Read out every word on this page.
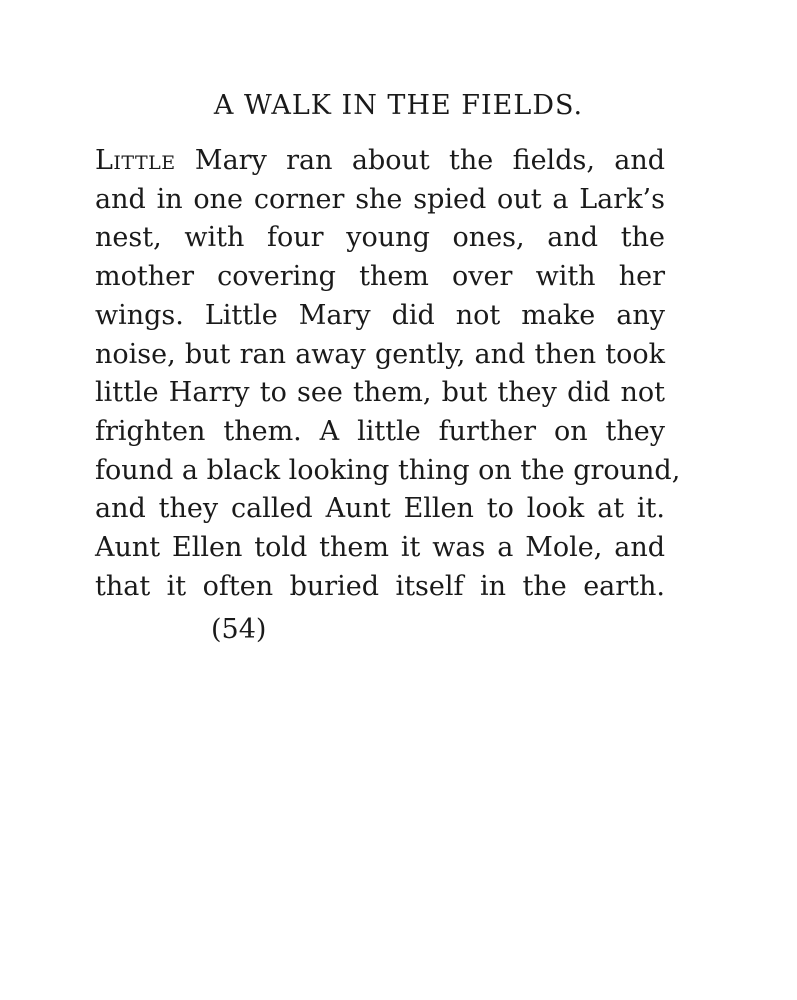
A WALK IN THE FIELDS.
Little Mary ran about the fields, and
and in one corner she spied out a Lark’s
nest, with four young ones, and the
mother covering them over with her
wings. Little Mary did not make any
noise, but ran away gently, and then took
little Harry to see them, but they did not
frighten them. A little further on they
found a black looking thing on the ground,
and they called Aunt Ellen to look at it.
Aunt Ellen told them it was a Mole, and
that it often buried itself in the earth.
(54)
